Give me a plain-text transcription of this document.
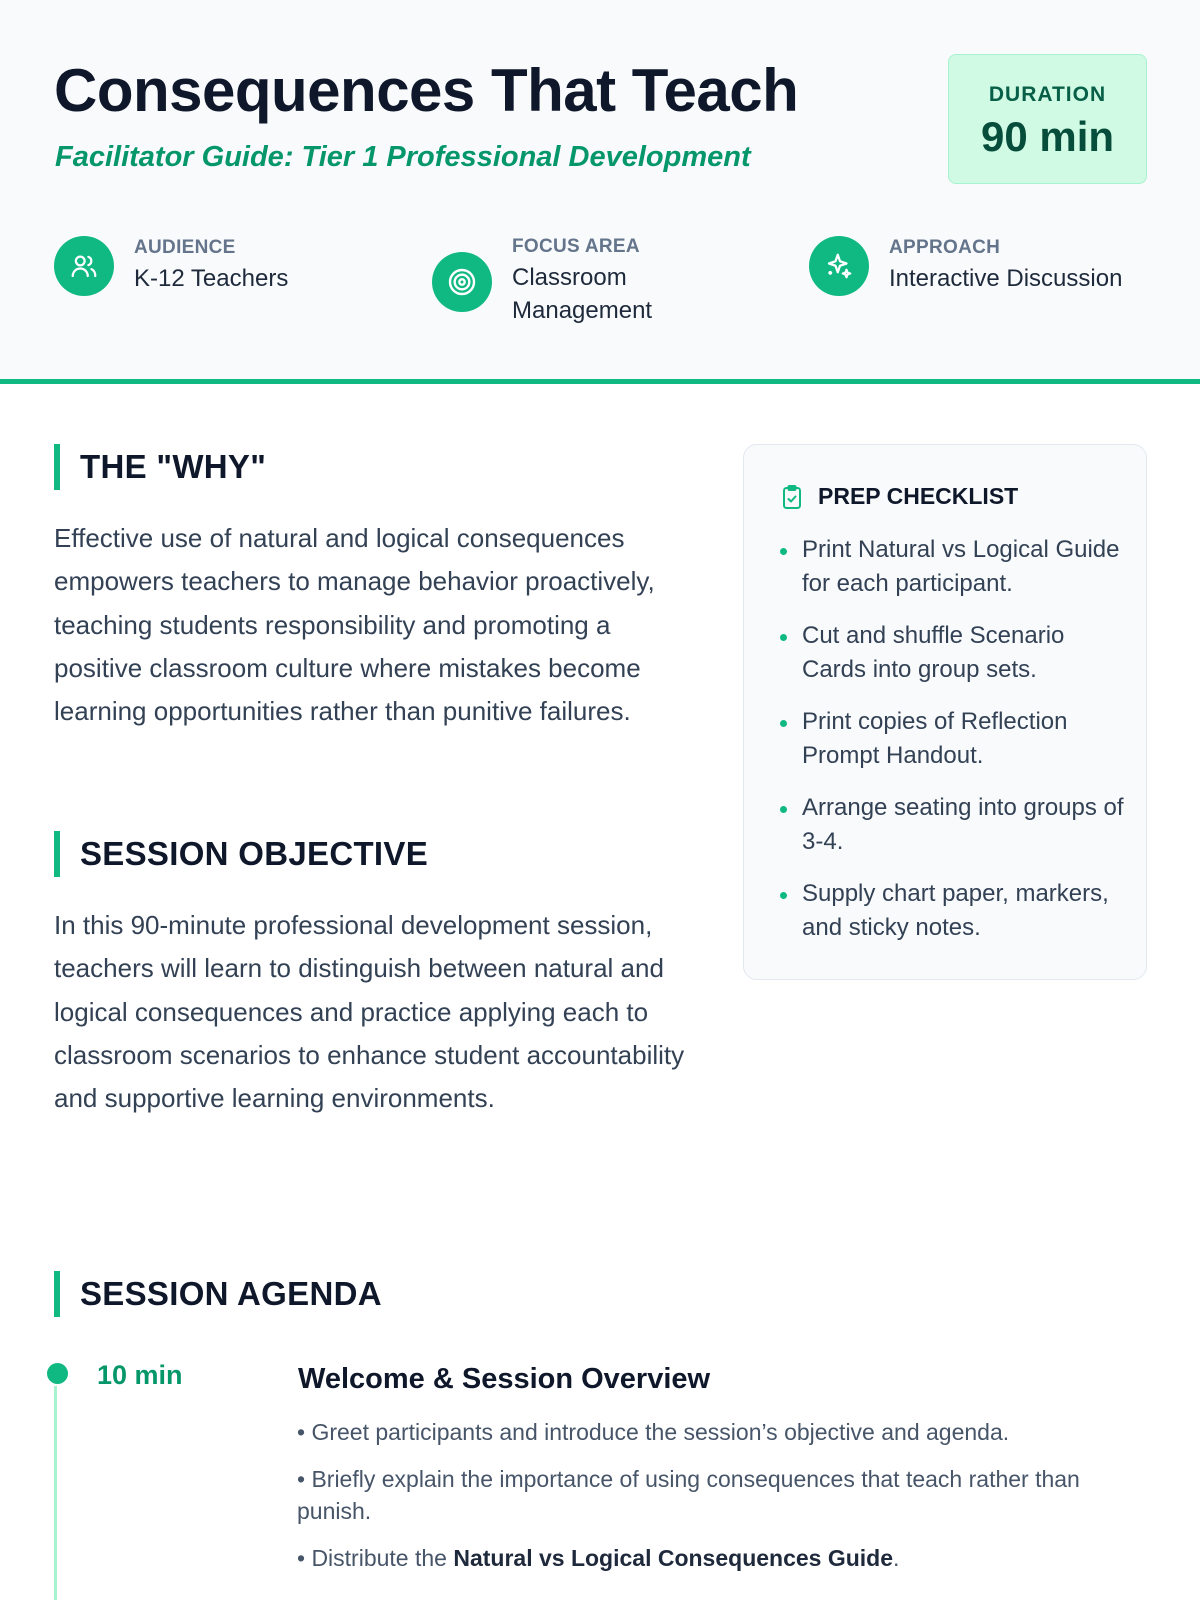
Consequences That Teach
Facilitator Guide: Tier 1 Professional Development
DURATION
90 min
AUDIENCE
K-12 Teachers
FOCUS AREA
Classroom Management
APPROACH
Interactive Discussion
THE "WHY"

Effective use of natural and logical consequences empowers teachers to manage behavior proactively, teaching students responsibility and promoting a positive classroom culture where mistakes become learning opportunities rather than punitive failures.

SESSION OBJECTIVE

In this 90-minute professional development session, teachers will learn to distinguish between natural and logical consequences and practice applying each to classroom scenarios to enhance student accountability and supportive learning environments.

PREP CHECKLIST
Print Natural vs Logical Guide for each participant.
Cut and shuffle Scenario Cards into group sets.
Print copies of Reflection Prompt Handout.
Arrange seating into groups of 3-4.
Supply chart paper, markers, and sticky notes.
SESSION AGENDA
10 min	Welcome & Session Overview
• Greet participants and introduce the session’s objective and agenda.
• Briefly explain the importance of using consequences that teach rather than punish.
• Distribute the Natural vs Logical Consequences Guide.
